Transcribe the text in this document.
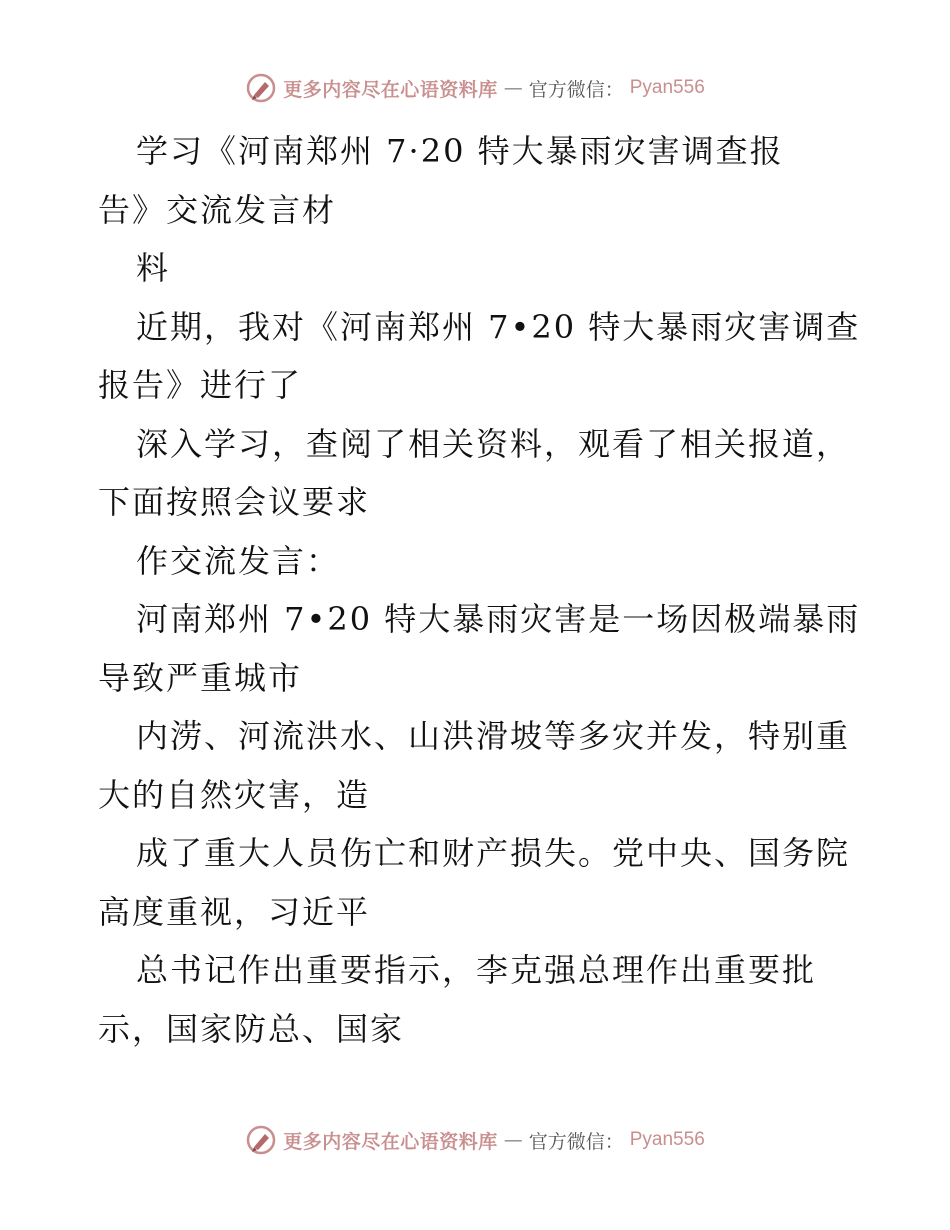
更多内容尽在心语资料库 — 官方微信： Pyan556
学习《河南郑州 7·20 特大暴雨灾害调查报
告》交流发言材
料
近期，我对《河南郑州 7•20 特大暴雨灾害调查
报告》进行了
深入学习，查阅了相关资料，观看了相关报道，
下面按照会议要求
作交流发言：
河南郑州 7•20 特大暴雨灾害是一场因极端暴雨
导致严重城市
内涝、河流洪水、山洪滑坡等多灾并发，特别重
大的自然灾害，造
成了重大人员伤亡和财产损失。党中央、国务院
高度重视，习近平
总书记作出重要指示，李克强总理作出重要批
示，国家防总、国家
更多内容尽在心语资料库 — 官方微信： Pyan556
